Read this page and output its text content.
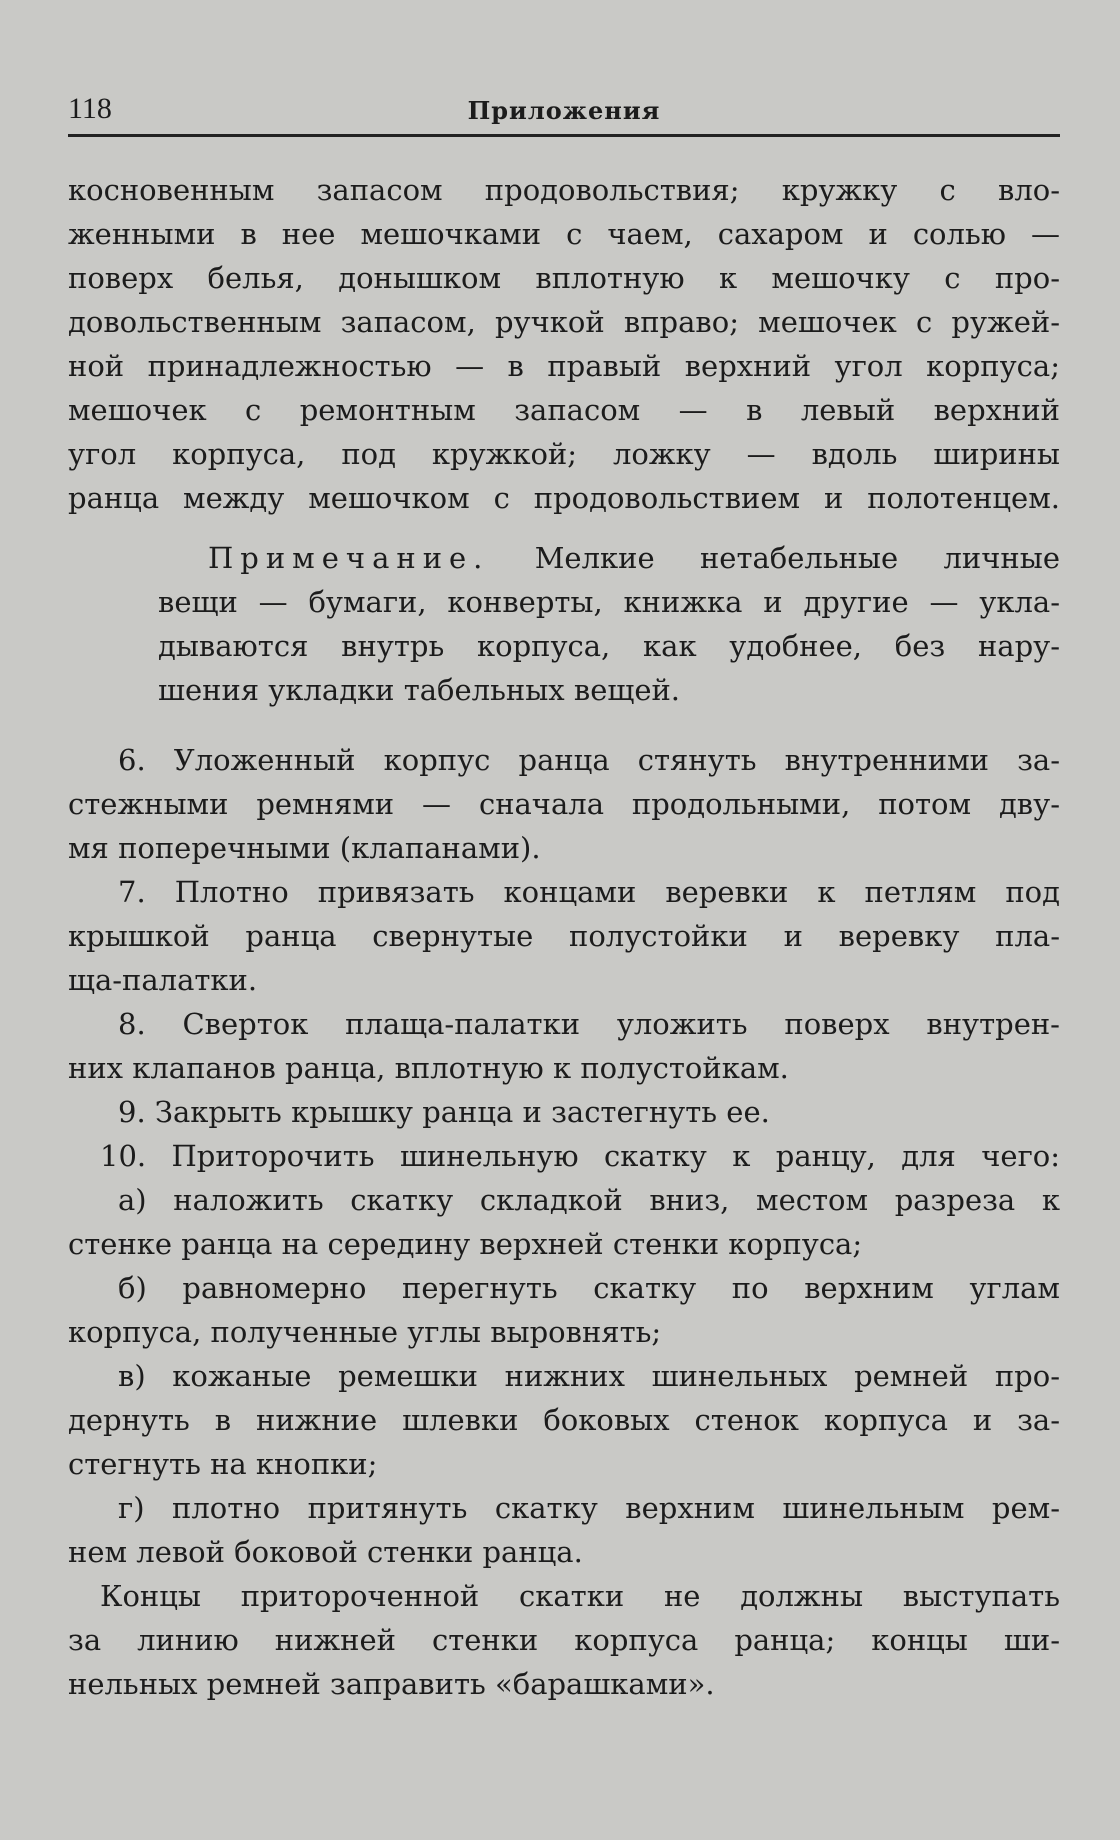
118	Приложения
косновенным запасом продовольствия; кружку с вло-
женными в нее мешочками с чаем, сахаром и солью —
поверх белья, донышком вплотную к мешочку с про-
довольственным запасом, ручкой вправо; мешочек с ружей-
ной принадлежностью — в правый верхний угол корпуса;
мешочек с ремонтным запасом — в левый верхний
угол корпуса, под кружкой; ложку — вдоль ширины
ранца между мешочком с продовольствием и полотенцем.
Примечание. Мелкие нетабельные личные
вещи — бумаги, конверты, книжка и другие — укла-
дываются внутрь корпуса, как удобнее, без нару-
шения укладки табельных вещей.
6. Уложенный корпус ранца стянуть внутренними за-
стежными ремнями — сначала продольными, потом дву-
мя поперечными (клапанами).
7. Плотно привязать концами веревки к петлям под
крышкой ранца свернутые полустойки и веревку пла-
ща-палатки.
8. Сверток плаща-палатки уложить поверх внутрен-
них клапанов ранца, вплотную к полустойкам.
9. Закрыть крышку ранца и застегнуть ее.
10. Приторочить шинельную скатку к ранцу, для чего:
а) наложить скатку складкой вниз, местом разреза к
стенке ранца на середину верхней стенки корпуса;
б) равномерно перегнуть скатку по верхним углам
корпуса, полученные углы выровнять;
в) кожаные ремешки нижних шинельных ремней про-
дернуть в нижние шлевки боковых стенок корпуса и за-
стегнуть на кнопки;
г) плотно притянуть скатку верхним шинельным рем-
нем левой боковой стенки ранца.
Концы приторoченной скатки не должны выступать
за линию нижней стенки корпуса ранца; концы ши-
нельных ремней заправить «барашками».
